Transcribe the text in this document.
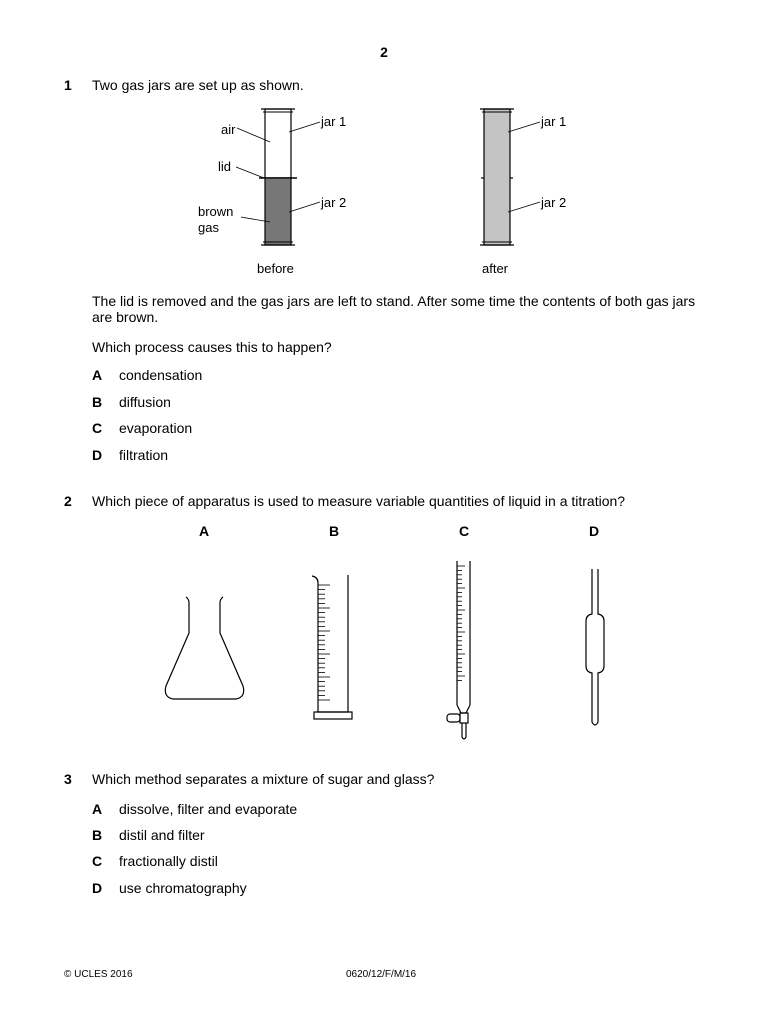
2
1 Two gas jars are set up as shown.
air
lid
brown
gas
jar 1
jar 2
jar 1
jar 2
before	after
The lid is removed and the gas jars are left to stand. After some time the contents of both gas jars are brown.
Which process causes this to happen?
A condensation
B diffusion
C evaporation
D filtration
2 Which piece of apparatus is used to measure variable quantities of liquid in a titration?
A	B	C	D
3 Which method separates a mixture of sugar and glass?
A dissolve, filter and evaporate
B distil and filter
C fractionally distil
D use chromatography
© UCLES 2016	0620/12/F/M/16
